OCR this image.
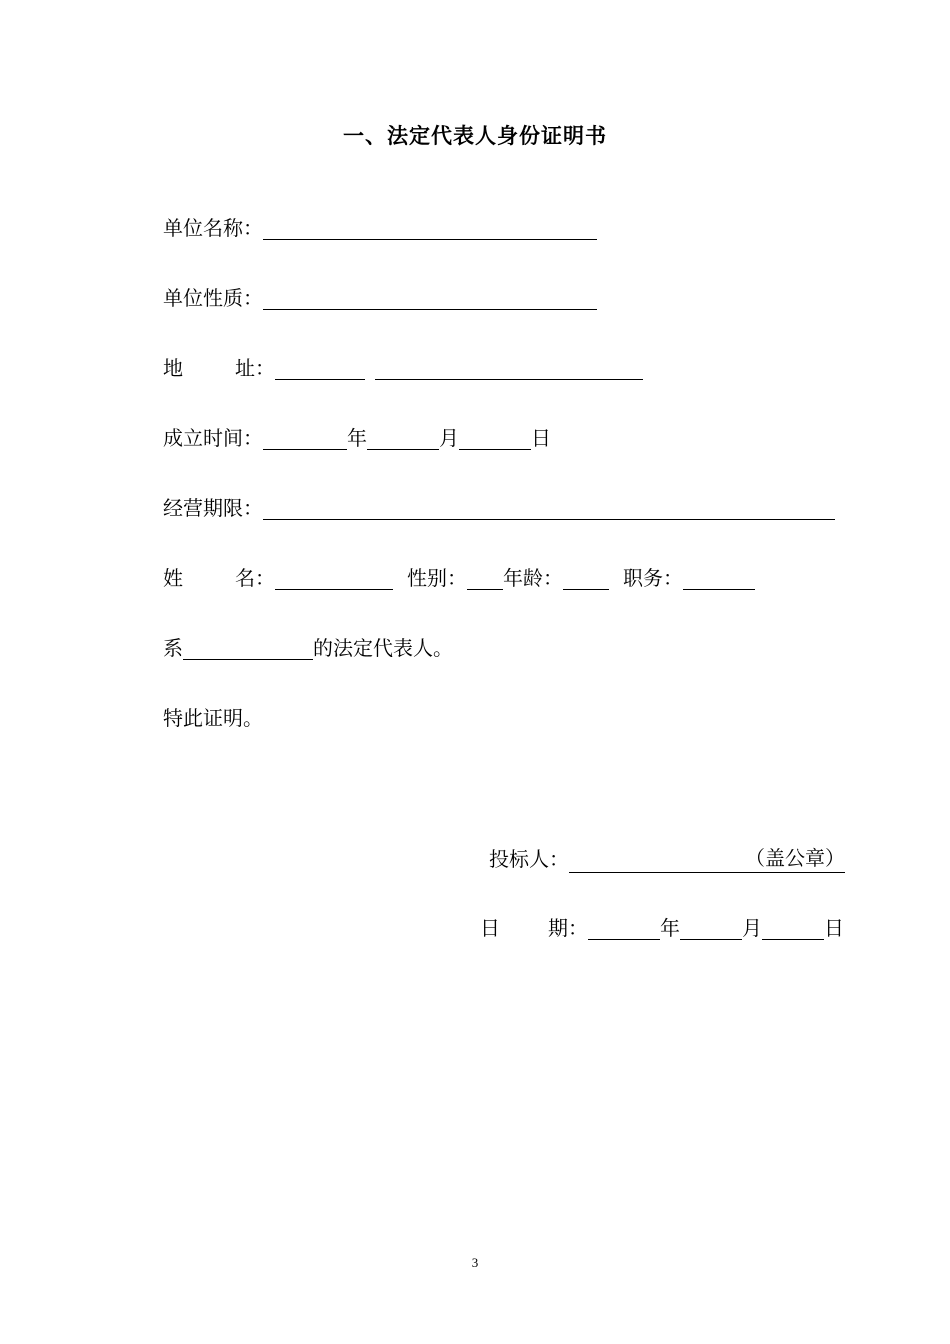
一、法定代表人身份证明书
单位名称：
单位性质：
地	址：
成立时间：	年	月	日
经营期限：
姓	名：	性别： 年龄：	职务：
系	的法定代表人。
特此证明。
投标人：	（盖公章）
日 期：	年	月	日
3
